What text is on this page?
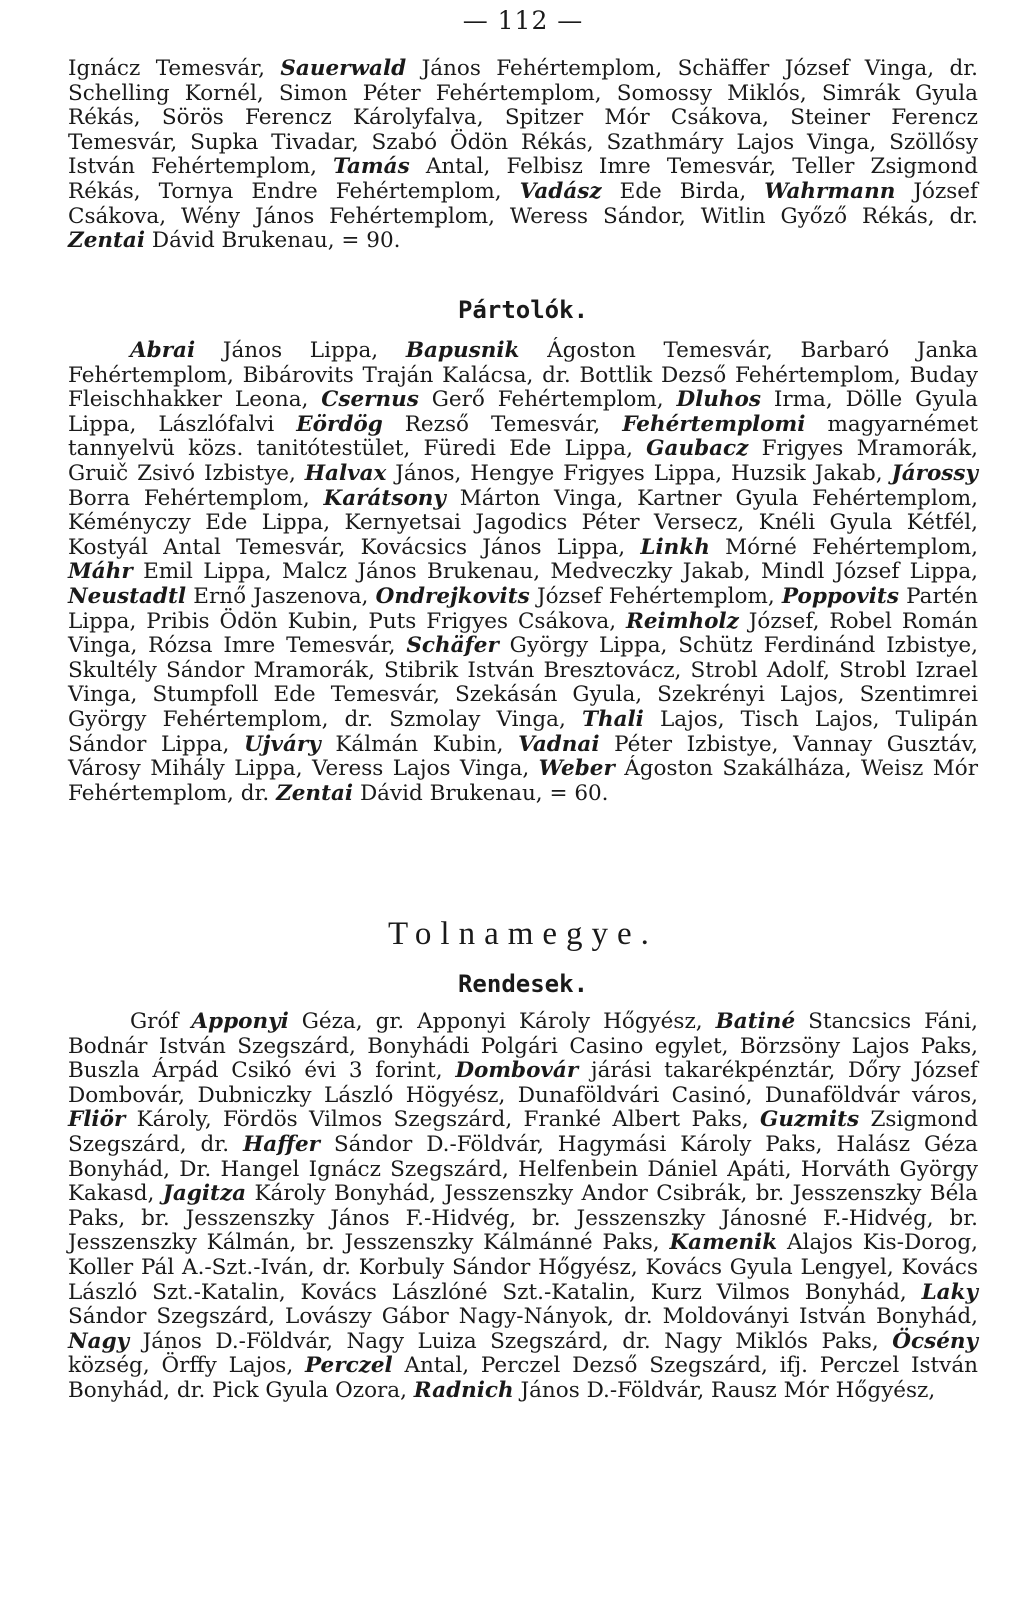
— 112 —

Ignácz Temesvár, Sauerwald János Fehértemplom, Schäffer József Vinga, dr. Schelling Kornél, Simon Péter Fehértemplom, Somossy Miklós, Simrák Gyula Rékás, Sörös Ferencz Károlyfalva, Spitzer Mór Csákova, Steiner Ferencz Temesvár, Supka Tivadar, Szabó Ödön Rékás, Szathmáry Lajos Vinga, Szöllősy István Fehértemplom, Tamás Antal, Felbisz Imre Temesvár, Teller Zsigmond Rékás, Tornya Endre Fehértemplom, Vadász Ede Birda, Wahrmann József Csákova, Wény János Fehértemplom, Weress Sándor, Witlin Győző Rékás, dr. Zentai Dávid Brukenau, = 90.

Pártolók.

Abrai János Lippa, Bapusnik Ágoston Temesvár, Barbaró Janka Fehértemplom, Bibárovits Traján Kalácsa, dr. Bottlik Dezső Fehértemplom, Buday Fleischhakker Leona, Csernus Gerő Fehértemplom, Dluhos Irma, Dölle Gyula Lippa, Lászlófalvi Eördög Rezső Temesvár, Fehértemplomi magyarnémet tannyelvü közs. tanitótestület, Füredi Ede Lippa, Gaubacz Frigyes Mramorák, Gruič Zsivó Izbistye, Halvax János, Hengye Frigyes Lippa, Huzsik Jakab, Járossy Borra Fehértemplom, Karátsony Márton Vinga, Kartner Gyula Fehértemplom, Kéményczy Ede Lippa, Kernyetsai Jagodics Péter Versecz, Knéli Gyula Kétfél, Kostyál Antal Temesvár, Kovácsics János Lippa, Linkh Mórné Fehértemplom, Máhr Emil Lippa, Malcz János Brukenau, Medveczky Jakab, Mindl József Lippa, Neustadtl Ernő Jaszenova, Ondrejkovits József Fehértemplom, Poppovits Partén Lippa, Pribis Ödön Kubin, Puts Frigyes Csákova, Reimholz József, Robel Román Vinga, Rózsa Imre Temesvár, Schäfer György Lippa, Schütz Ferdinánd Izbistye, Skultély Sándor Mramorák, Stibrik István Bresztovácz, Strobl Adolf, Strobl Izrael Vinga, Stumpfoll Ede Temesvár, Szekásán Gyula, Szekrényi Lajos, Szentimrei György Fehértemplom, dr. Szmolay Vinga, Thali Lajos, Tisch Lajos, Tulipán Sándor Lippa, Ujváry Kálmán Kubin, Vadnai Péter Izbistye, Vannay Gusztáv, Városy Mihály Lippa, Veress Lajos Vinga, Weber Ágoston Szakálháza, Weisz Mór Fehértemplom, dr. Zentai Dávid Brukenau, = 60.

Tolnamegye.
Rendesek.

Gróf Apponyi Géza, gr. Apponyi Károly Hőgyész, Batiné Stancsics Fáni, Bodnár István Szegszárd, Bonyhádi Polgári Casino egylet, Börzsöny Lajos Paks, Buszla Árpád Csikó évi 3 forint, Dombovár járási takarékpénztár, Dőry József Dombovár, Dubniczky László Högyész, Dunaföldvári Casinó, Dunaföldvár város, Fliör Károly, Fördös Vilmos Szegszárd, Franké Albert Paks, Guzmits Zsigmond Szegszárd, dr. Haffer Sándor D.-Földvár, Hagymási Károly Paks, Halász Géza Bonyhád, Dr. Hangel Ignácz Szegszárd, Helfenbein Dániel Apáti, Horváth György Kakasd, Jagitza Károly Bonyhád, Jesszenszky Andor Csibrák, br. Jesszenszky Béla Paks, br. Jesszenszky János F.-Hidvég, br. Jesszenszky Jánosné F.-Hidvég, br. Jesszenszky Kálmán, br. Jesszenszky Kálmánné Paks, Kamenik Alajos Kis-Dorog, Koller Pál A.-Szt.-Iván, dr. Korbuly Sándor Hőgyész, Kovács Gyula Lengyel, Kovács László Szt.-Katalin, Kovács Lászlóné Szt.-Katalin, Kurz Vilmos Bonyhád, Laky Sándor Szegszárd, Lovászy Gábor Nagy-Nányok, dr. Moldoványi István Bonyhád, Nagy János D.-Földvár, Nagy Luiza Szegszárd, dr. Nagy Miklós Paks, Öcsény község, Örffy Lajos, Perczel Antal, Perczel Dezső Szegszárd, ifj. Perczel István Bonyhád, dr. Pick Gyula Ozora, Radnich János D.-Földvár, Rausz Mór Hőgyész,
